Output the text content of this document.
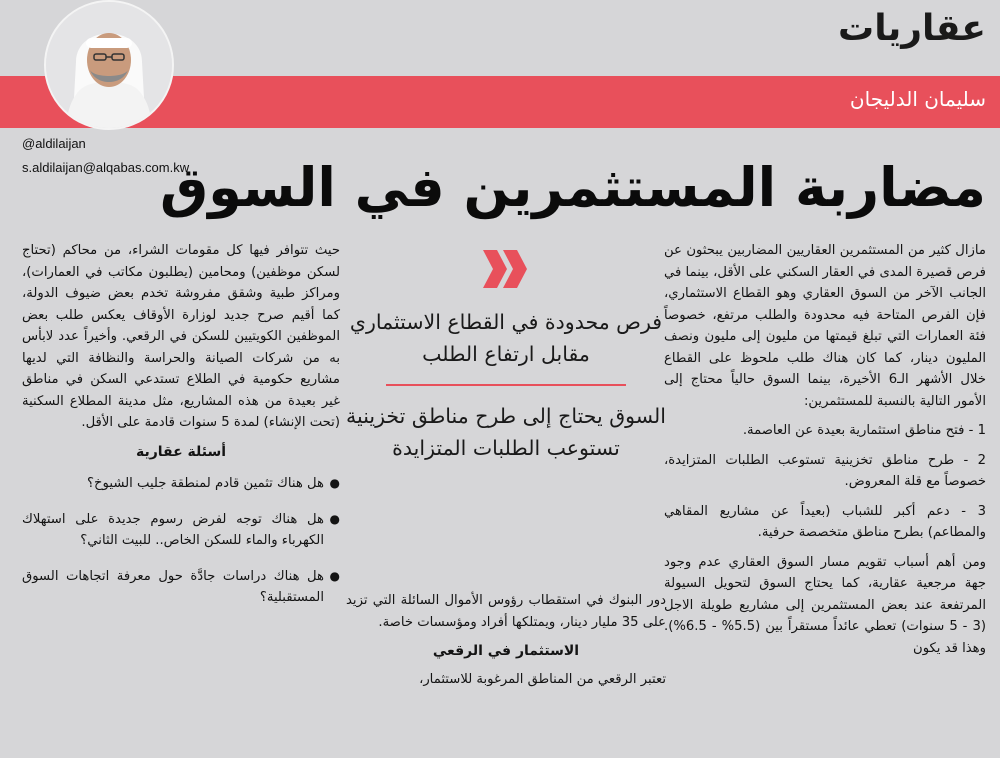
عقاريات
سليمان الدليجان
@aldilaijan
s.aldilaijan@alqabas.com.kw
مضاربة المستثمرين في السوق

مازال كثير من المستثمرين العقاريين المضاربين يبحثون عن فرص قصيرة المدى في العقار السكني على الأقل، بينما في الجانب الآخر من السوق العقاري وهو القطاع الاستثماري، فإن الفرص المتاحة فيه محدودة والطلب مرتفع، خصوصاً فئة العمارات التي تبلغ قيمتها من مليون إلى مليون ونصف المليون دينار، كما كان هناك طلب ملحوظ على القطاع خلال الأشهر الـ6 الأخيرة، بينما السوق حالياً محتاج إلى الأمور التالية بالنسبة للمستثمرين:

1 - فتح مناطق استثمارية بعيدة عن العاصمة.

2 - طرح مناطق تخزينية تستوعب الطلبات المتزايدة، خصوصاً مع قلة المعروض.

3 - دعم أكبر للشباب (بعيداً عن مشاريع المقاهي والمطاعم) بطرح مناطق متخصصة حرفية.

ومن أهم أسباب تقويم مسار السوق العقاري عدم وجود جهة مرجعية عقارية، كما يحتاج السوق لتحويل السيولة المرتفعة عند بعض المستثمرين إلى مشاريع طويلة الاجل (3 - 5 سنوات) تعطي عائداً مستقراً بين (5.5% - 6.5%). وهذا قد يكون

فرص محدودة في القطاع الاستثماري مقابل ارتفاع الطلب

السوق يحتاج إلى طرح مناطق تخزينية تستوعب الطلبات المتزايدة

دور البنوك في استقطاب رؤوس الأموال السائلة التي تزيد على 35 مليار دينار، ويمتلكها أفراد ومؤسسات خاصة.

الاستثمار في الرقعي

تعتبر الرقعي من المناطق المرغوبة للاستثمار،

حيث تتوافر فيها كل مقومات الشراء، من محاكم (تحتاج لسكن موظفين) ومحامين (يطلبون مكاتب في العمارات)، ومراكز طبية وشقق مفروشة تخدم بعض ضيوف الدولة، كما أقيم صرح جديد لوزارة الأوقاف يعكس طلب بعض الموظفين الكويتيين للسكن في الرقعي. وأخيراً عدد لابأس به من شركات الصيانة والحراسة والنظافة التي لديها مشاريع حكومية في الطلاع تستدعي السكن في مناطق غير بعيدة من هذه المشاريع، مثل مدينة المطلاع السكنية (تحت الإنشاء) لمدة 5 سنوات قادمة على الأقل.

أسئلة عقارية
● هل هناك تثمين قادم لمنطقة جليب الشيوخ؟
● هل هناك توجه لفرض رسوم جديدة على استهلاك الكهرباء والماء للسكن الخاص.. للبيت الثاني؟
● هل هناك دراسات جادَّة حول معرفة اتجاهات السوق المستقبلية؟
